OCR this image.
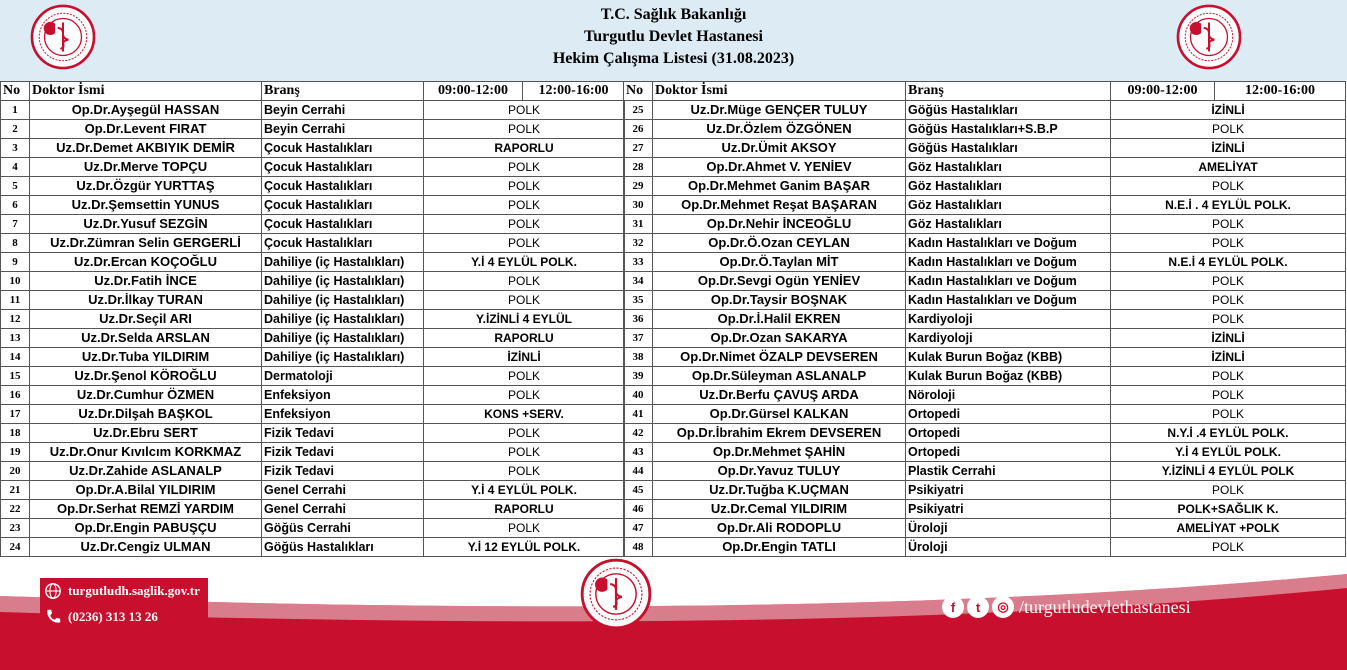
T.C. Sağlık Bakanlığı
Turgutlu Devlet Hastanesi
Hekim Çalışma Listesi (31.08.2023)
No	Doktor İsmi	Branş	09:00-12:00	12:00-16:00
1	Op.Dr.Ayşegül HASSAN	Beyin Cerrahi	POLK	
2	Op.Dr.Levent FIRAT	Beyin Cerrahi	POLK	
3	Uz.Dr.Demet AKBIYIK DEMİR	Çocuk Hastalıkları	RAPORLU	
4	Uz.Dr.Merve TOPÇU	Çocuk Hastalıkları	POLK	
5	Uz.Dr.Özgür YURTTAŞ	Çocuk Hastalıkları	POLK	
6	Uz.Dr.Şemsettin YUNUS	Çocuk Hastalıkları	POLK	
7	Uz.Dr.Yusuf SEZGİN	Çocuk Hastalıkları	POLK	
8	Uz.Dr.Zümran Selin GERGERLİ	Çocuk Hastalıkları	POLK	
9	Uz.Dr.Ercan KOÇOĞLU	Dahiliye (iç Hastalıkları)	Y.İ 4 EYLÜL POLK.	
10	Uz.Dr.Fatih İNCE	Dahiliye (iç Hastalıkları)	POLK	
11	Uz.Dr.İlkay TURAN	Dahiliye (iç Hastalıkları)	POLK	
12	Uz.Dr.Seçil ARI	Dahiliye (iç Hastalıkları)	Y.İZİNLİ 4 EYLÜL	
13	Uz.Dr.Selda ARSLAN	Dahiliye (iç Hastalıkları)	RAPORLU	
14	Uz.Dr.Tuba YILDIRIM	Dahiliye (iç Hastalıkları)	İZİNLİ	
15	Uz.Dr.Şenol KÖROĞLU	Dermatoloji	POLK	
16	Uz.Dr.Cumhur ÖZMEN	Enfeksiyon	POLK	
17	Uz.Dr.Dilşah BAŞKOL	Enfeksiyon	KONS +SERV.	
18	Uz.Dr.Ebru SERT	Fizik Tedavi	POLK	
19	Uz.Dr.Onur Kıvılcım KORKMAZ	Fizik Tedavi	POLK	
20	Uz.Dr.Zahide ASLANALP	Fizik Tedavi	POLK	
21	Op.Dr.A.Bilal YILDIRIM	Genel Cerrahi	Y.İ 4 EYLÜL POLK.	
22	Op.Dr.Serhat REMZİ YARDIM	Genel Cerrahi	RAPORLU	
23	Op.Dr.Engin PABUŞÇU	Göğüs Cerrahi	POLK	
24	Uz.Dr.Cengiz ULMAN	Göğüs Hastalıkları	Y.İ 12 EYLÜL POLK.	
No	Doktor İsmi	Branş	09:00-12:00	12:00-16:00
25	Uz.Dr.Müge GENÇER TULUY	Göğüs Hastalıkları	İZİNLİ	
26	Uz.Dr.Özlem ÖZGÖNEN	Göğüs Hastalıkları+S.B.P	POLK	
27	Uz.Dr.Ümit AKSOY	Göğüs Hastalıkları	İZİNLİ	
28	Op.Dr.Ahmet V. YENİEV	Göz Hastalıkları	AMELİYAT	
29	Op.Dr.Mehmet Ganim BAŞAR	Göz Hastalıkları	POLK	
30	Op.Dr.Mehmet Reşat BAŞARAN	Göz Hastalıkları	N.E.İ . 4 EYLÜL POLK.	
31	Op.Dr.Nehir İNCEOĞLU	Göz Hastalıkları	POLK	
32	Op.Dr.Ö.Ozan CEYLAN	Kadın Hastalıkları ve Doğum	POLK	
33	Op.Dr.Ö.Taylan MİT	Kadın Hastalıkları ve Doğum	N.E.İ 4 EYLÜL POLK.	
34	Op.Dr.Sevgi Ogün YENİEV	Kadın Hastalıkları ve Doğum	POLK	
35	Op.Dr.Taysir BOŞNAK	Kadın Hastalıkları ve Doğum	POLK	
36	Op.Dr.İ.Halil EKREN	Kardiyoloji	POLK	
37	Op.Dr.Ozan SAKARYA	Kardiyoloji	İZİNLİ	
38	Op.Dr.Nimet ÖZALP DEVSEREN	Kulak Burun Boğaz (KBB)	İZİNLİ	
39	Op.Dr.Süleyman ASLANALP	Kulak Burun Boğaz (KBB)	POLK	
40	Uz.Dr.Berfu ÇAVUŞ ARDA	Nöroloji	POLK	
41	Op.Dr.Gürsel KALKAN	Ortopedi	POLK	
42	Op.Dr.İbrahim Ekrem DEVSEREN	Ortopedi	N.Y.İ .4 EYLÜL POLK.	
43	Op.Dr.Mehmet ŞAHİN	Ortopedi	Y.İ 4 EYLÜL POLK.	
44	Op.Dr.Yavuz TULUY	Plastik Cerrahi	Y.İZİNLİ 4 EYLÜL POLK	
45	Uz.Dr.Tuğba K.UÇMAN	Psikiyatri	POLK	
46	Uz.Dr.Cemal YILDIRIM	Psikiyatri	POLK+SAĞLIK K.	
47	Op.Dr.Ali RODOPLU	Üroloji	AMELİYAT +POLK	
48	Op.Dr.Engin TATLI	Üroloji	POLK	
turgutludh.saglik.gov.tr
(0236) 313 13 26
f	t	◎ /turgutludevlethastanesi
